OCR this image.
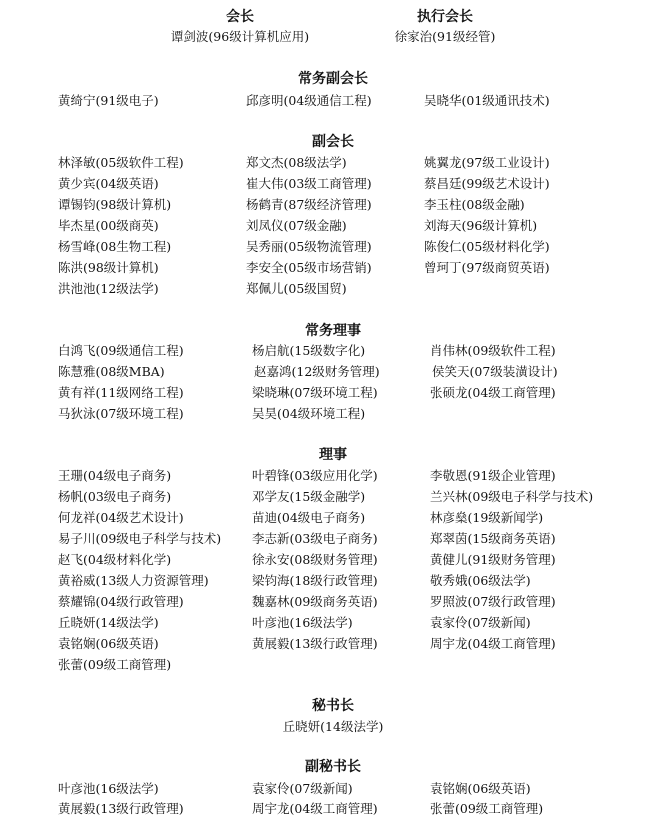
会长
谭剑波(96级计算机应用)
执行会长
徐家治(91级经管)
常务副会长
黄绮宁(91级电子)	邱彦明(04级通信工程)	吴晓华(01级通讯技术)
副会长
林泽敏(05级软件工程)	郑文杰(08级法学)	姚翼龙(97级工业设计)
黄少宾(04级英语)	崔大伟(03级工商管理)	蔡昌廷(99级艺术设计)
谭锡钧(98级计算机)	杨鹤青(87级经济管理)	李玉柱(08级金融)
毕杰星(00级商英)	刘凤仪(07级金融)	刘海天(96级计算机)
杨雪峰(08生物工程)	吴秀丽(05级物流管理)	陈俊仁(05级材料化学)
陈洪(98级计算机)	李安全(05级市场营销)	曾珂丁(97级商贸英语)
洪池池(12级法学)	郑佩儿(05级国贸)
常务理事
白鸿飞(09级通信工程)	杨启航(15级数字化)	肖伟林(09级软件工程)
陈慧雅(08级MBA)	赵嘉鸿(12级财务管理)	侯笑天(07级装潢设计)
黄有祥(11级网络工程)	梁晓琳(07级环境工程)	张硕龙(04级工商管理)
马狄泳(07级环境工程)	吴昊(04级环境工程)
理事
王珊(04级电子商务)	叶碧锋(03级应用化学)	李敬恩(91级企业管理)
杨帆(03级电子商务)	邓学友(15级金融学)	兰兴林(09级电子科学与技术)
何龙祥(04级艺术设计)	苗迪(04级电子商务)	林彦燊(19级新闻学)
易子川(09级电子科学与技术) 李志新(03级电子商务)	郑翠茵(15级商务英语)
赵飞(04级材料化学)	徐永安(08级财务管理)	黄健儿(91级财务管理)
黄裕威(13级人力资源管理)	梁钧海(18级行政管理)	敬秀娥(06级法学)
蔡耀锦(04级行政管理)	魏嘉林(09级商务英语)	罗照波(07级行政管理)
丘晓妍(14级法学)	叶彦池(16级法学)	袁家伶(07级新闻)
袁铭娴(06级英语)	黄展毅(13级行政管理)	周宇龙(04级工商管理)
张蕾(09级工商管理)
秘书长
丘晓妍(14级法学)
副秘书长
叶彦池(16级法学)	袁家伶(07级新闻)	袁铭娴(06级英语)
黄展毅(13级行政管理)	周宇龙(04级工商管理)	张蕾(09级工商管理)
